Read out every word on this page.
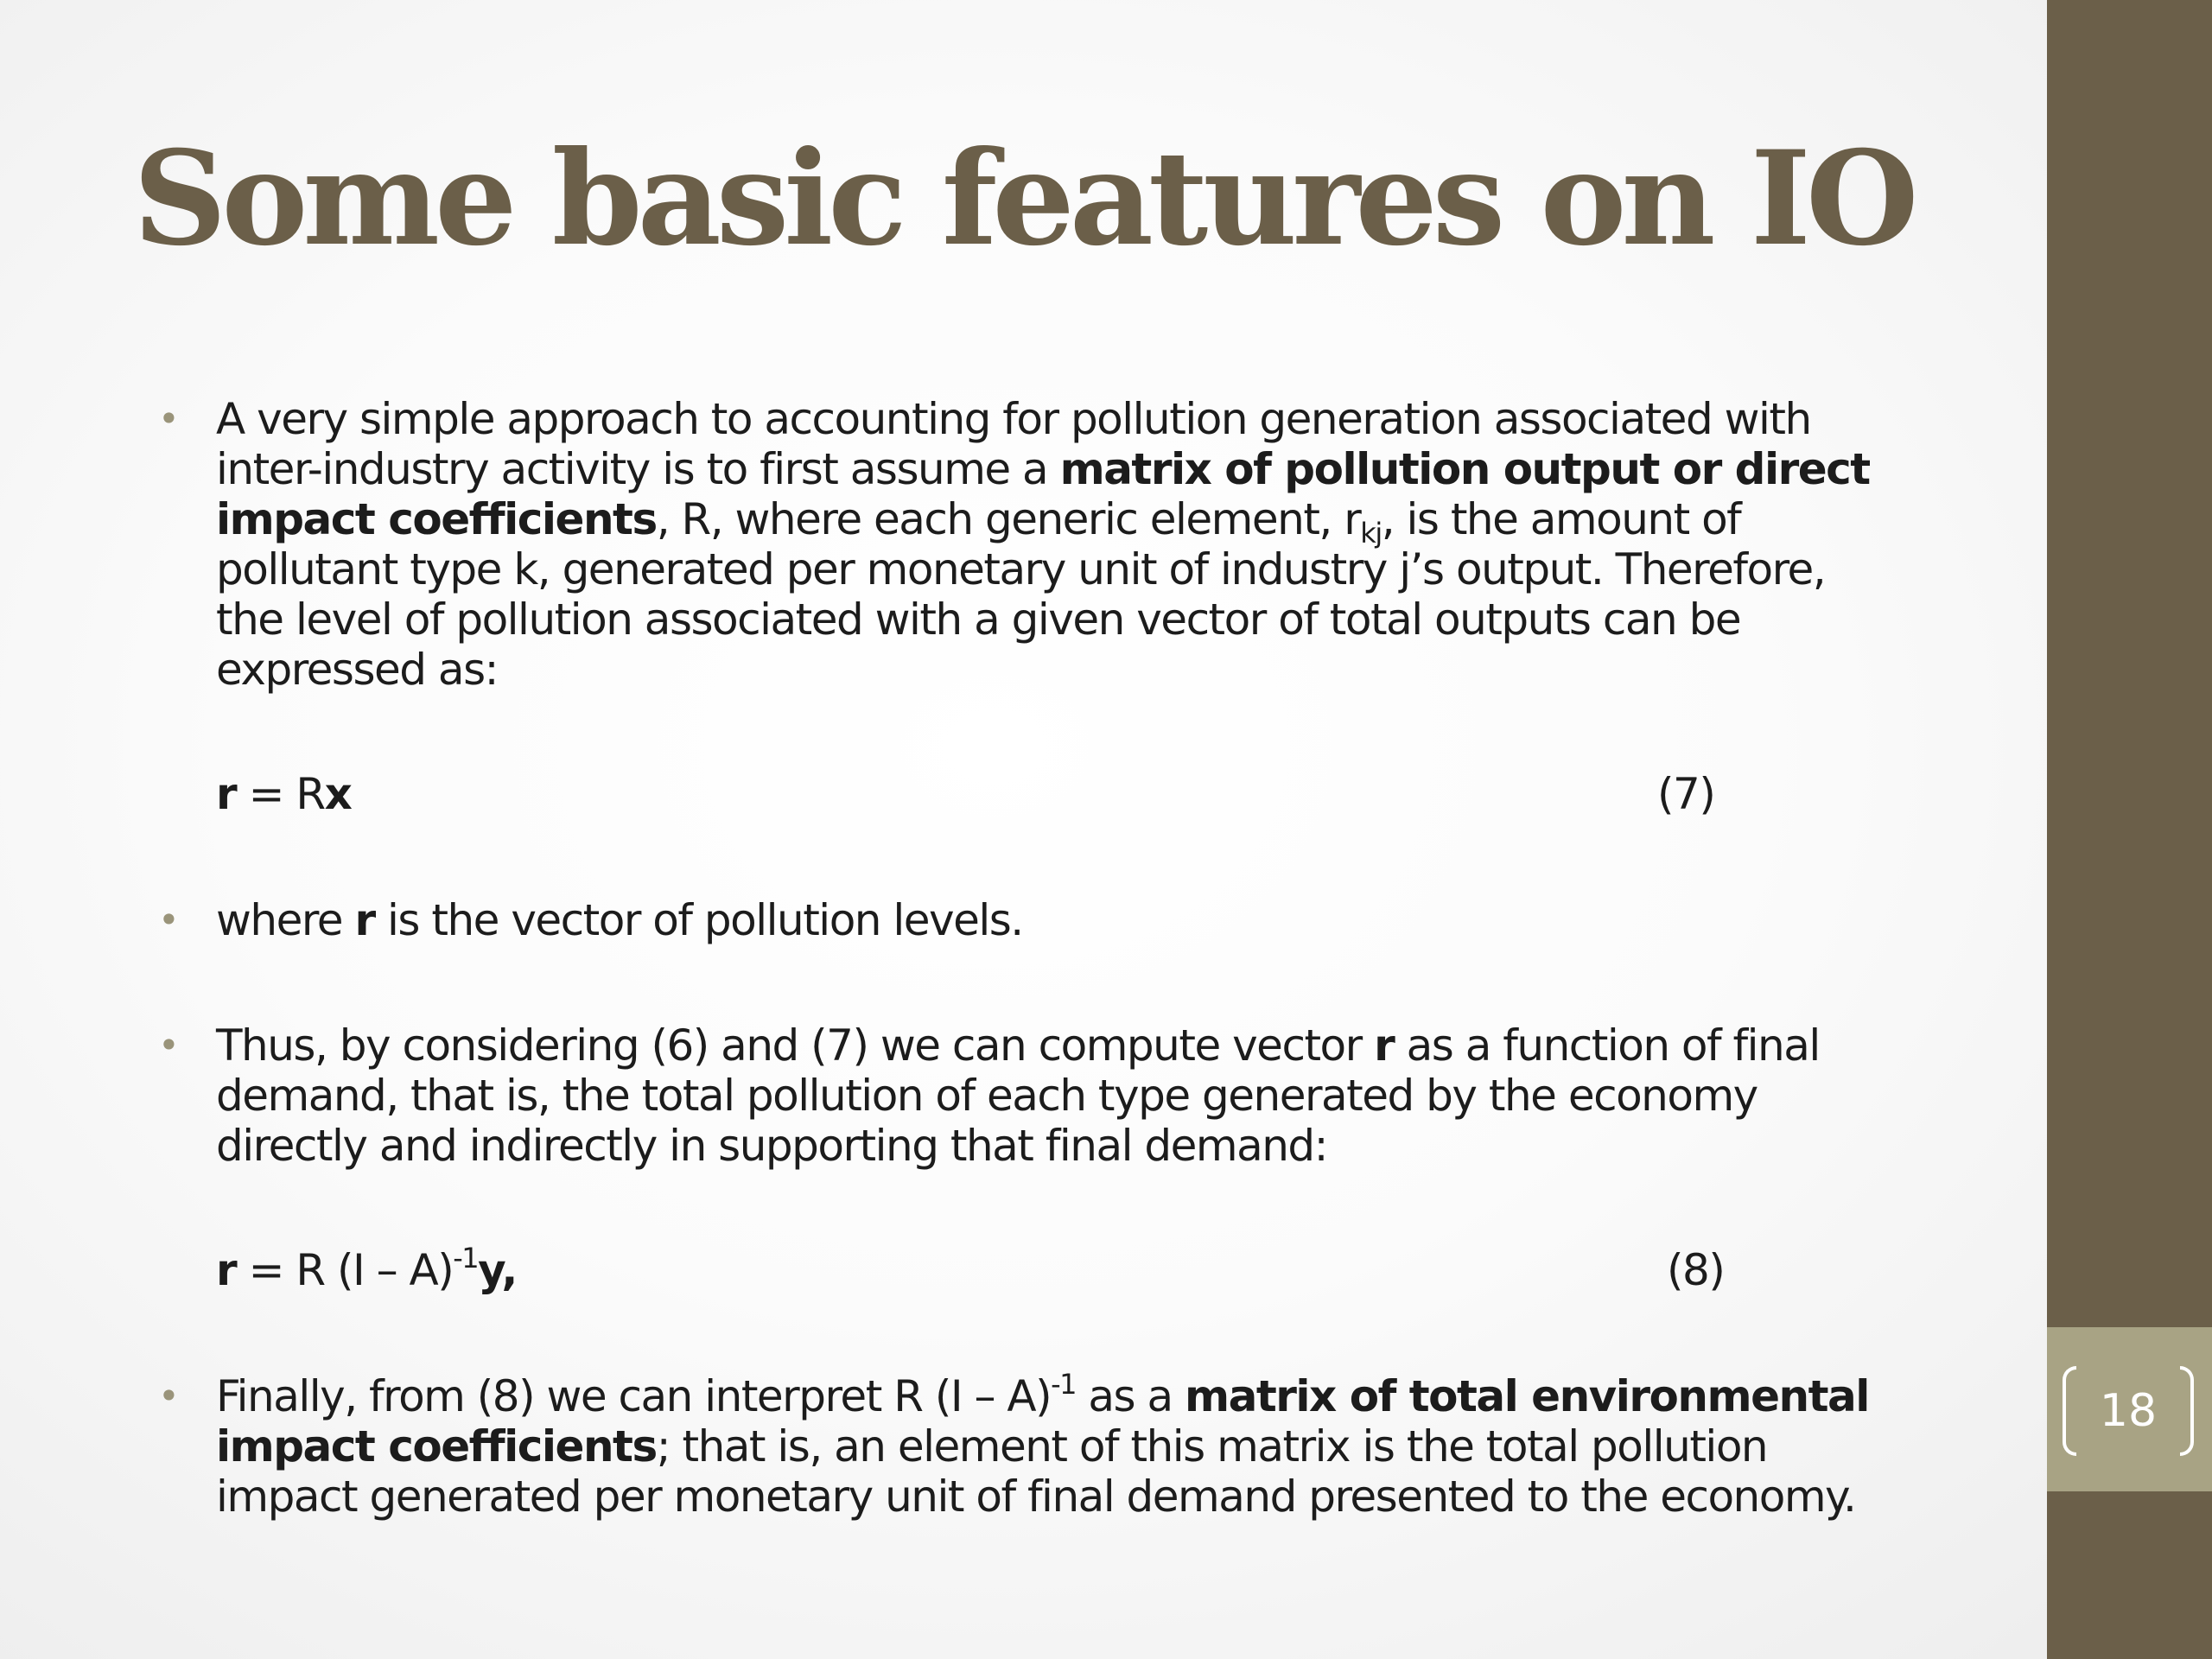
Some basic features on IO
• A very simple approach to accounting for pollution generation associated with
inter-industry activity is to first assume a matrix of pollution output or direct
impact coefficients, R, where each generic element, $r_{kj}$, is the amount of
pollutant type k, generated per monetary unit of industry j’s output. Therefore,
the level of pollution associated with a given vector of total outputs can be
expressed as:
r = Rx	(7)
• where r is the vector of pollution levels.
• Thus, by considering (6) and (7) we can compute vector r as a function of final
demand, that is, the total pollution of each type generated by the economy
directly and indirectly in supporting that final demand:
r = R (I – A)$^{-1}$y,	(8)
• Finally, from (8) we can interpret R (I – A)$^{-1}$ as a matrix of total environmental
impact coefficients; that is, an element of this matrix is the total pollution
impact generated per monetary unit of final demand presented to the economy.
18
